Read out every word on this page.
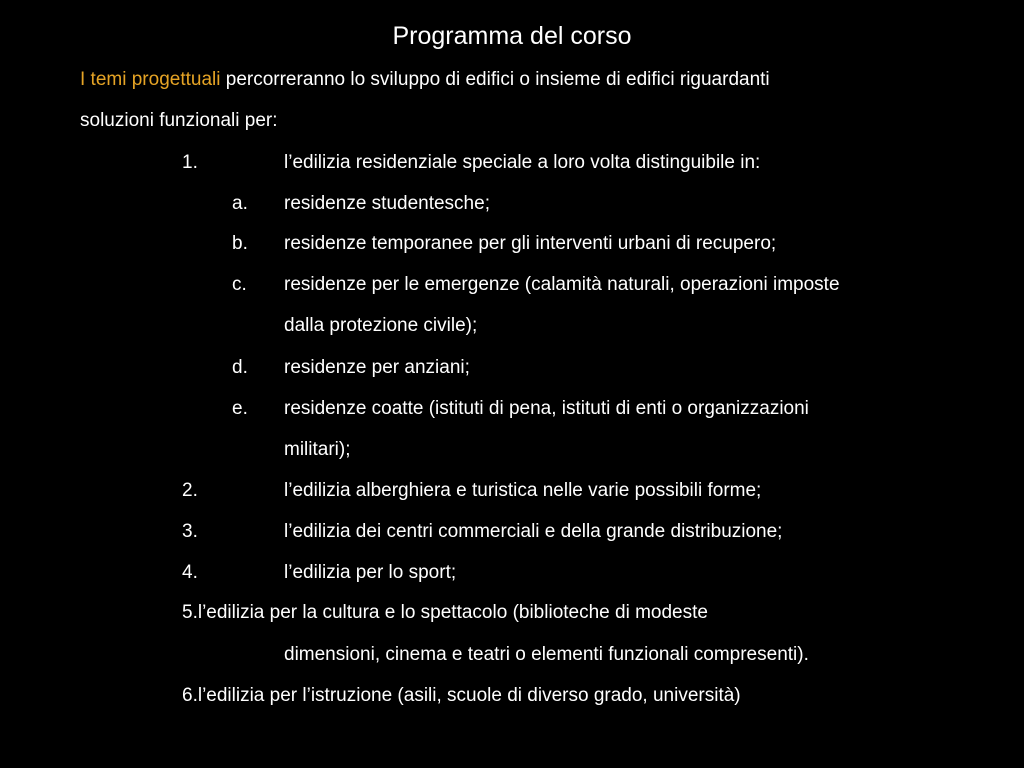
Programma del corso
I temi progettuali percorreranno lo sviluppo di edifici o insieme di edifici riguardanti
soluzioni funzionali per:
1.	l’edilizia residenziale speciale a loro volta distinguibile in:
a. residenze studentesche;
b. residenze temporanee per gli interventi urbani di recupero;
c. residenze per le emergenze (calamità naturali, operazioni imposte
dalla protezione civile);
d. residenze per anziani;
e. residenze coatte (istituti di pena, istituti di enti o organizzazioni
militari);
2.	l’edilizia alberghiera e turistica nelle varie possibili forme;
3.	l’edilizia dei centri commerciali e della grande distribuzione;
4.	l’edilizia per lo sport;
5.l’edilizia per la cultura e lo spettacolo (biblioteche di modeste
dimensioni, cinema e teatri o elementi funzionali compresenti).
6.l’edilizia per l’istruzione (asili, scuole di diverso grado, università)
